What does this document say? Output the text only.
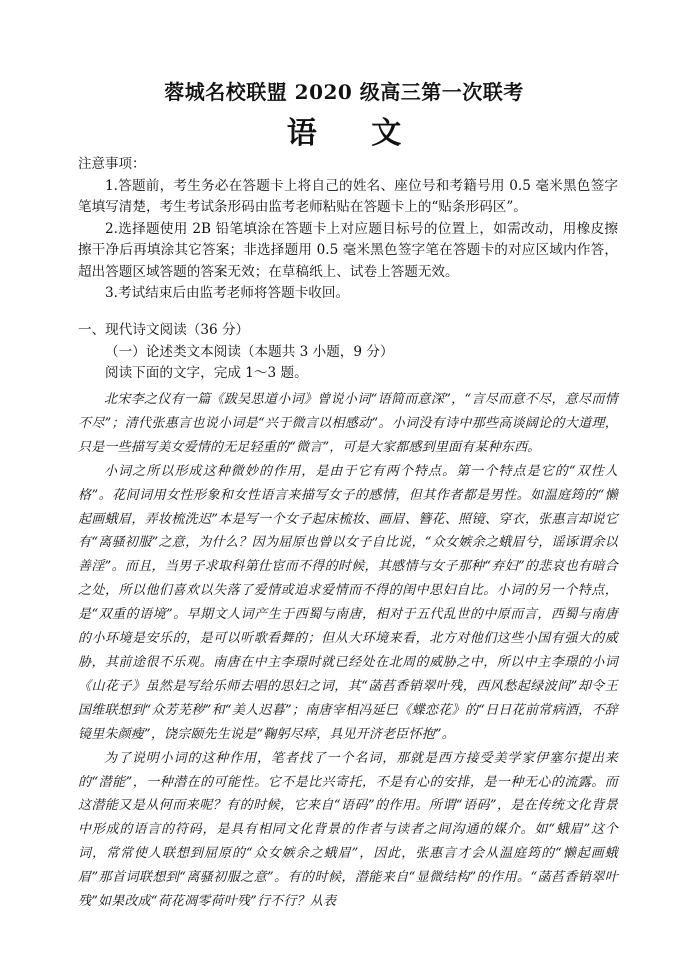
蓉城名校联盟 2020 级高三第一次联考
语 文
注意事项：

1.答题前，考生务必在答题卡上将自己的姓名、座位号和考籍号用 0.5 毫米黑色签字笔填写清楚，考生考试条形码由监考老师粘贴在答题卡上的“贴条形码区”。

2.选择题使用 2B 铅笔填涂在答题卡上对应题目标号的位置上，如需改动，用橡皮擦擦干净后再填涂其它答案；非选择题用 0.5 毫米黑色签字笔在答题卡的对应区域内作答，超出答题区域答题的答案无效；在草稿纸上、试卷上答题无效。

3.考试结束后由监考老师将答题卡收回。

一、现代诗文阅读（36 分）

（一）论述类文本阅读（本题共 3 小题，9 分）

阅读下面的文字，完成 1～3 题。

北宋李之仪有一篇《跋吴思道小词》曾说小词“语简而意深”，“言尽而意不尽，意尽而情不尽”；清代张惠言也说小词是“兴于微言以相感动”。小词没有诗中那些高谈阔论的大道理，只是一些描写美女爱情的无足轻重的“微言”，可是大家都感到里面有某种东西。

小词之所以形成这种微妙的作用，是由于它有两个特点。第一个特点是它的“双性人格”。花间词用女性形象和女性语言来描写女子的感情，但其作者都是男性。如温庭筠的“懒起画蛾眉，弄妆梳洗迟”本是写一个女子起床梳妆、画眉、簪花、照镜、穿衣，张惠言却说它有“离骚初服”之意，为什么？因为屈原也曾以女子自比说，“众女嫉余之蛾眉兮，谣诼谓余以善淫”。而且，当男子求取科第仕宦而不得的时候，其感情与女子那种“弃妇”的悲哀也有暗合之处，所以他们喜欢以失落了爱情或追求爱情而不得的闺中思妇自比。小词的另一个特点，是“双重的语境”。早期文人词产生于西蜀与南唐，相对于五代乱世的中原而言，西蜀与南唐的小环境是安乐的，是可以听歌看舞的；但从大环境来看，北方对他们这些小国有强大的威胁，其前途很不乐观。南唐在中主李璟时就已经处在北周的威胁之中，所以中主李璟的小词《山花子》虽然是写给乐师去唱的思妇之词，其“菡萏香销翠叶残，西风愁起绿波间”却令王国维联想到“众芳芜秽”和“美人迟暮”；南唐宰相冯延巳《蝶恋花》的“日日花前常病酒，不辞镜里朱颜瘦”，饶宗颐先生说是“鞠躬尽瘁，具见开济老臣怀抱”。

为了说明小词的这种作用，笔者找了一个名词，那就是西方接受美学家伊塞尔提出来的“潜能”，一种潜在的可能性。它不是比兴寄托，不是有心的安排，是一种无心的流露。而这潜能又是从何而来呢？有的时候，它来自“语码”的作用。所谓“语码”，是在传统文化背景中形成的语言的符码，是具有相同文化背景的作者与读者之间沟通的媒介。如“蛾眉”这个词，常常使人联想到屈原的“众女嫉余之蛾眉”，因此，张惠言才会从温庭筠的“懒起画蛾眉”那首词联想到“离骚初服之意”。有的时候，潜能来自“显微结构”的作用。“菡萏香销翠叶残”如果改成“荷花凋零荷叶残”行不行？从表
